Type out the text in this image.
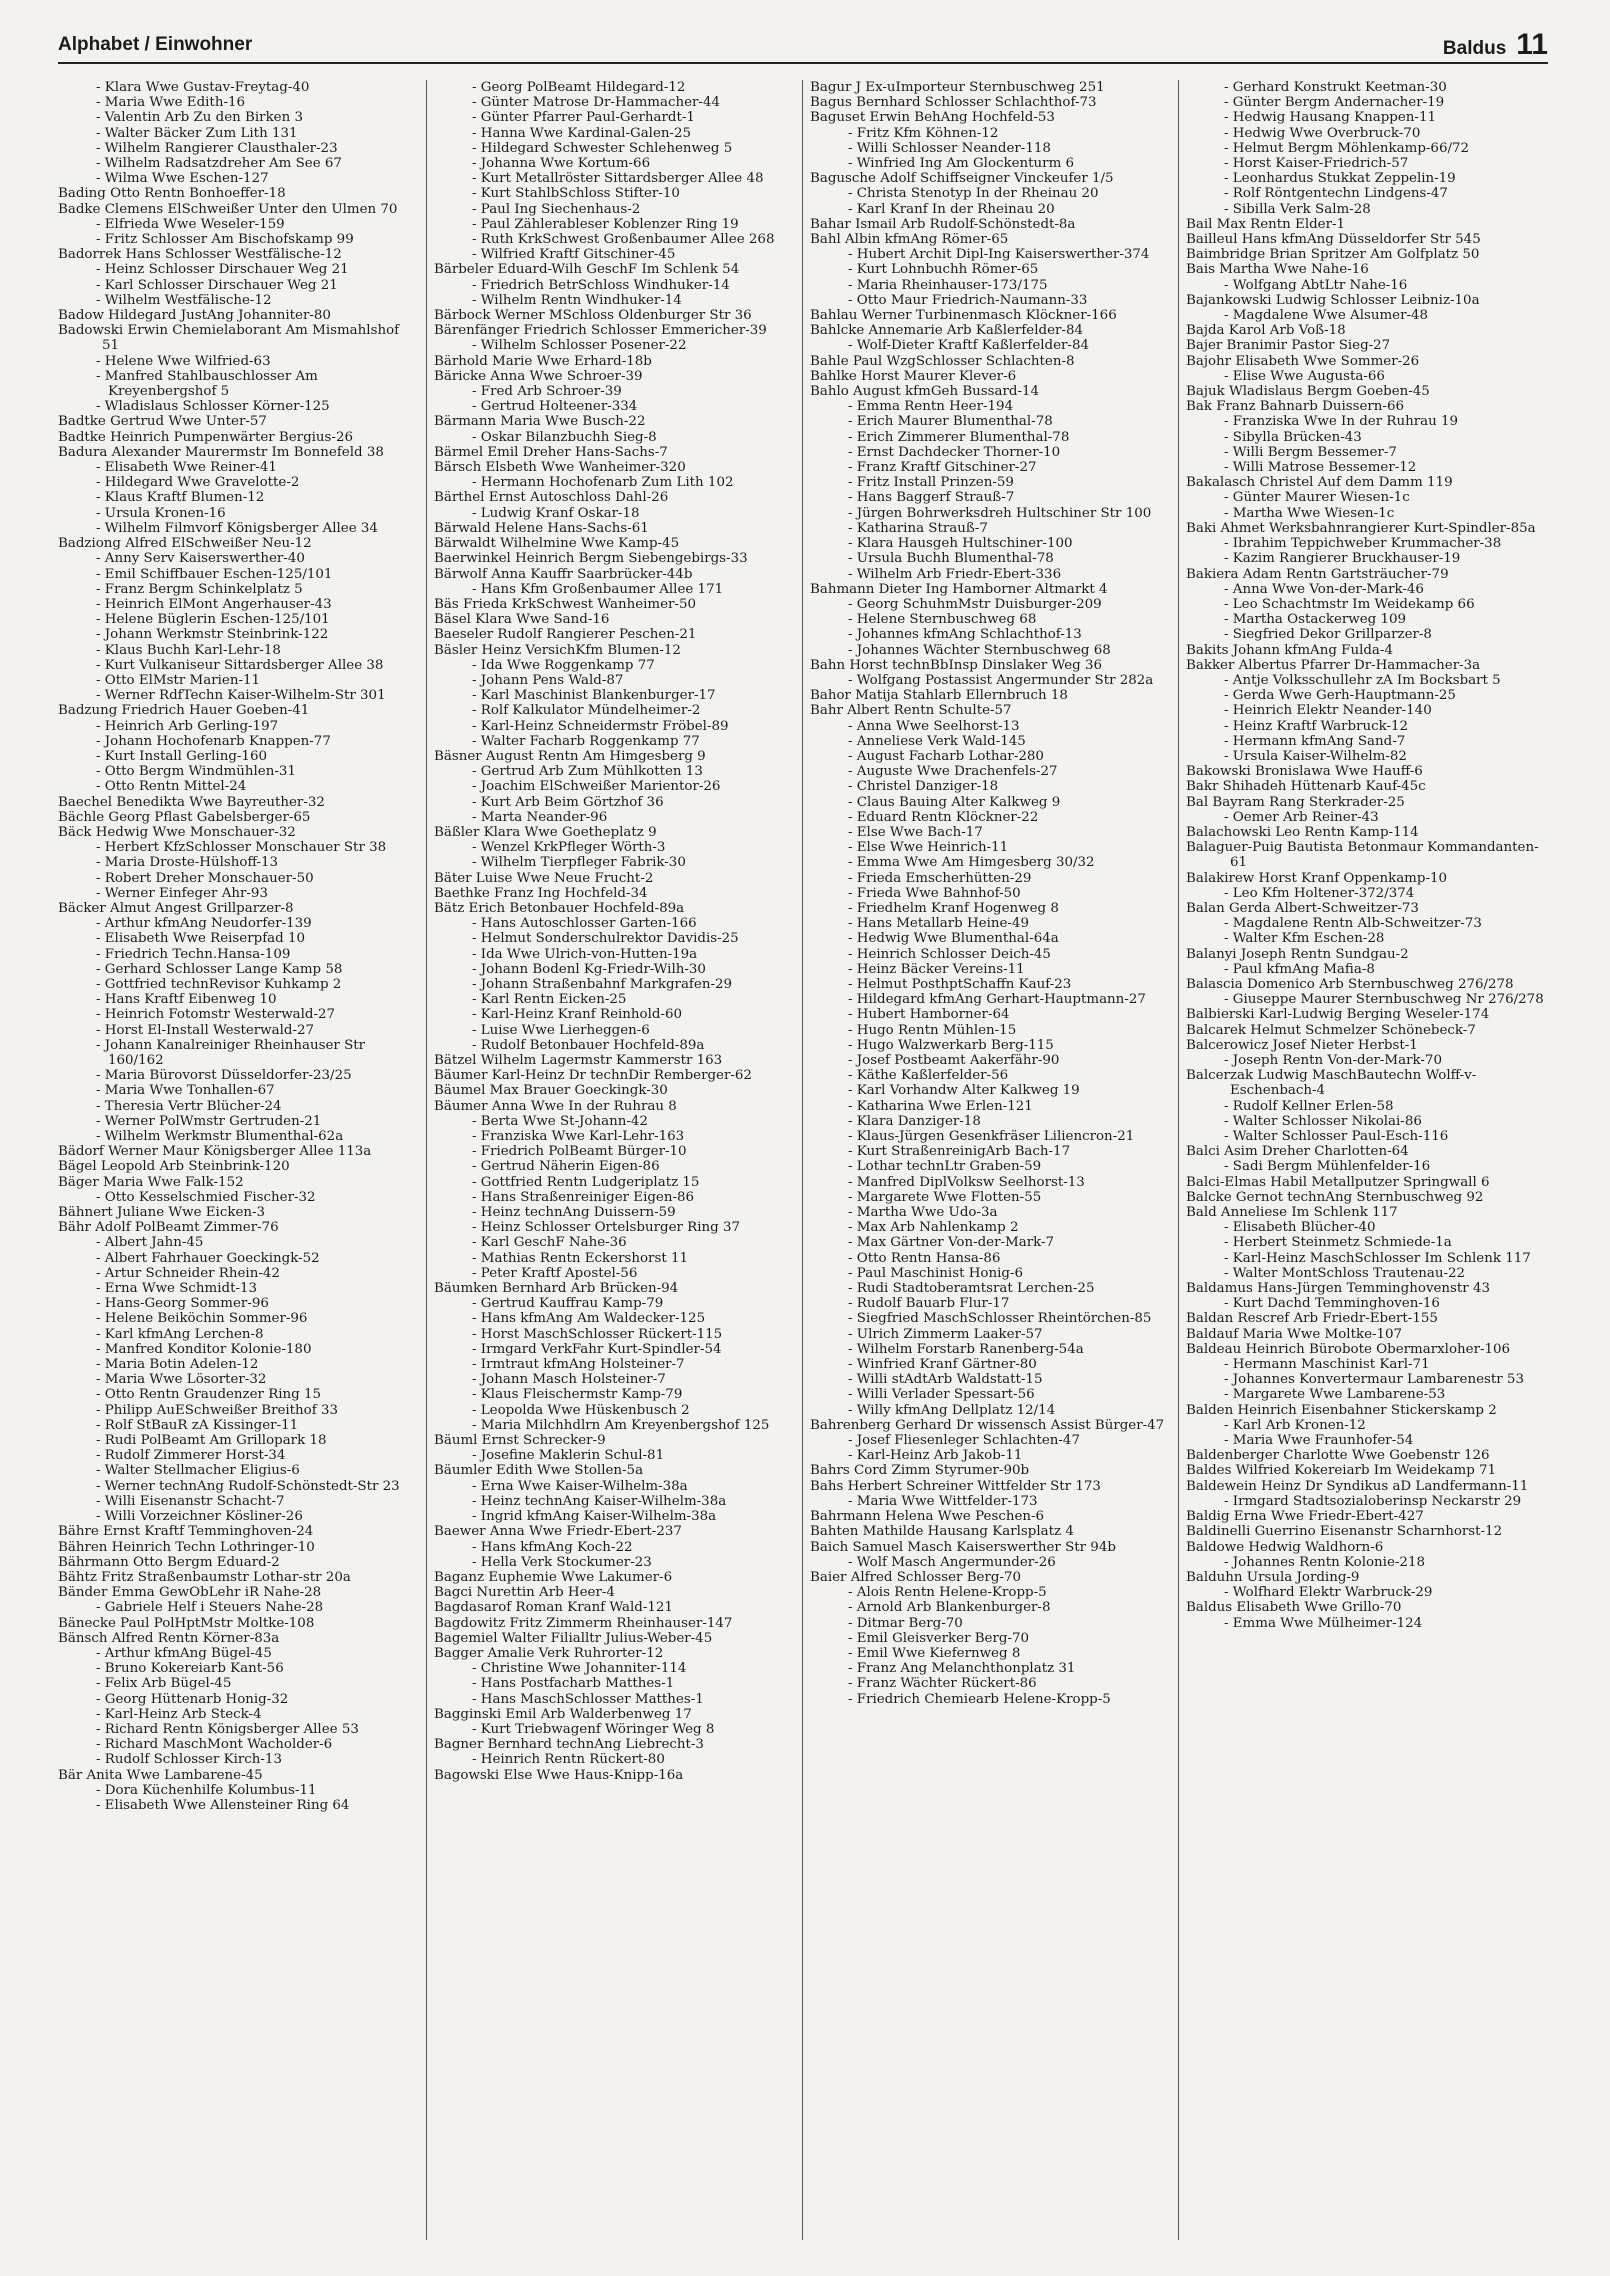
Alphabet / Einwohner	Baldus 11

- Klara Wwe Gustav-Freytag-40

- Maria Wwe Edith-16

- Valentin Arb Zu den Birken 3

- Walter Bäcker Zum Lith 131

- Wilhelm Rangierer Clausthaler-23

- Wilhelm Radsatzdreher Am See 67

- Wilma Wwe Eschen-127

Bading Otto Rentn Bonhoeffer-18

Badke Clemens ElSchweißer Unter den Ulmen 70

- Elfrieda Wwe Weseler-159

- Fritz Schlosser Am Bischofskamp 99

Badorrek Hans Schlosser Westfälische-12

- Heinz Schlosser Dirschauer Weg 21

- Karl Schlosser Dirschauer Weg 21

- Wilhelm Westfälische-12

Badow Hildegard JustAng Johanniter-80

Badowski Erwin Chemielaborant Am Mismahlshof 51

- Helene Wwe Wilfried-63

- Manfred Stahlbauschlosser Am Kreyenbergshof 5

- Wladislaus Schlosser Körner-125

Badtke Gertrud Wwe Unter-57

Badtke Heinrich Pumpenwärter Bergius-26

Badura Alexander Maurermstr Im Bonnefeld 38

- Elisabeth Wwe Reiner-41

- Hildegard Wwe Gravelotte-2

- Klaus Kraftf Blumen-12

- Ursula Kronen-16

- Wilhelm Filmvorf Königsberger Allee 34

Badziong Alfred ElSchweißer Neu-12

- Anny Serv Kaiserswerther-40

- Emil Schiffbauer Eschen-125/101

- Franz Bergm Schinkelplatz 5

- Heinrich ElMont Angerhauser-43

- Helene Büglerin Eschen-125/101

- Johann Werkmstr Steinbrink-122

- Klaus Buchh Karl-Lehr-18

- Kurt Vulkaniseur Sittardsberger Allee 38

- Otto ElMstr Marien-11

- Werner RdfTechn Kaiser-Wilhelm-Str 301

Badzung Friedrich Hauer Goeben-41

- Heinrich Arb Gerling-197

- Johann Hochofenarb Knappen-77

- Kurt Install Gerling-160

- Otto Bergm Windmühlen-31

- Otto Rentn Mittel-24

Baechel Benedikta Wwe Bayreuther-32

Bächle Georg Pflast Gabelsberger-65

Bäck Hedwig Wwe Monschauer-32

- Herbert KfzSchlosser Monschauer Str 38

- Maria Droste-Hülshoff-13

- Robert Dreher Monschauer-50

- Werner Einfeger Ahr-93

Bäcker Almut Angest Grillparzer-8

- Arthur kfmAng Neudorfer-139

- Elisabeth Wwe Reiserpfad 10

- Friedrich Techn.Hansa-109

- Gerhard Schlosser Lange Kamp 58

- Gottfried technRevisor Kuhkamp 2

- Hans Kraftf Eibenweg 10

- Heinrich Fotomstr Westerwald-27

- Horst El-Install Westerwald-27

- Johann Kanalreiniger Rheinhauser Str 160/162

- Maria Bürovorst Düsseldorfer-23/25

- Maria Wwe Tonhallen-67

- Theresia Vertr Blücher-24

- Werner PolWmstr Gertruden-21

- Wilhelm Werkmstr Blumenthal-62a

Bädorf Werner Maur Königsberger Allee 113a

Bägel Leopold Arb Steinbrink-120

Bäger Maria Wwe Falk-152

- Otto Kesselschmied Fischer-32

Bähnert Juliane Wwe Eicken-3

Bähr Adolf PolBeamt Zimmer-76

- Albert Jahn-45

- Albert Fahrhauer Goeckingk-52

- Artur Schneider Rhein-42

- Erna Wwe Schmidt-13

- Hans-Georg Sommer-96

- Helene Beiköchin Sommer-96

- Karl kfmAng Lerchen-8

- Manfred Konditor Kolonie-180

- Maria Botin Adelen-12

- Maria Wwe Lösorter-32

- Otto Rentn Graudenzer Ring 15

- Philipp AuESchweißer Breithof 33

- Rolf StBauR zA Kissinger-11

- Rudi PolBeamt Am Grillopark 18

- Rudolf Zimmerer Horst-34

- Walter Stellmacher Eligius-6

- Werner technAng Rudolf-Schönstedt-Str 23

- Willi Eisenanstr Schacht-7

- Willi Vorzeichner Kösliner-26

Bähre Ernst Kraftf Temminghoven-24

Bähren Heinrich Techn Lothringer-10

Bährmann Otto Bergm Eduard-2

Bähtz Fritz Straßenbaumstr Lothar-str 20a

Bänder Emma GewObLehr iR Nahe-28

- Gabriele Helf i Steuers Nahe-28

Bänecke Paul PolHptMstr Moltke-108

Bänsch Alfred Rentn Körner-83a

- Arthur kfmAng Bügel-45

- Bruno Kokereiarb Kant-56

- Felix Arb Bügel-45

- Georg Hüttenarb Honig-32

- Karl-Heinz Arb Steck-4

- Richard Rentn Königsberger Allee 53

- Richard MaschMont Wacholder-6

- Rudolf Schlosser Kirch-13

Bär Anita Wwe Lambarene-45

- Dora Küchenhilfe Kolumbus-11

- Elisabeth Wwe Allensteiner Ring 64

- Georg PolBeamt Hildegard-12

- Günter Matrose Dr-Hammacher-44

- Günter Pfarrer Paul-Gerhardt-1

- Hanna Wwe Kardinal-Galen-25

- Hildegard Schwester Schlehenweg 5

- Johanna Wwe Kortum-66

- Kurt Metallröster Sittardsberger Allee 48

- Kurt StahlbSchloss Stifter-10

- Paul Ing Siechenhaus-2

- Paul Zählerableser Koblenzer Ring 19

- Ruth KrkSchwest Großenbaumer Allee 268

- Wilfried Kraftf Gitschiner-45

Bärbeler Eduard-Wilh GeschF Im Schlenk 54

- Friedrich BetrSchloss Windhuker-14

- Wilhelm Rentn Windhuker-14

Bärbock Werner MSchloss Oldenburger Str 36

Bärenfänger Friedrich Schlosser Emmericher-39

- Wilhelm Schlosser Posener-22

Bärhold Marie Wwe Erhard-18b

Bäricke Anna Wwe Schroer-39

- Fred Arb Schroer-39

- Gertrud Holteener-334

Bärmann Maria Wwe Busch-22

- Oskar Bilanzbuchh Sieg-8

Bärmel Emil Dreher Hans-Sachs-7

Bärsch Elsbeth Wwe Wanheimer-320

- Hermann Hochofenarb Zum Lith 102

Bärthel Ernst Autoschloss Dahl-26

- Ludwig Kranf Oskar-18

Bärwald Helene Hans-Sachs-61

Bärwaldt Wilhelmine Wwe Kamp-45

Baerwinkel Heinrich Bergm Siebengebirgs-33

Bärwolf Anna Kauffr Saarbrücker-44b

- Hans Kfm Großenbaumer Allee 171

Bäs Frieda KrkSchwest Wanheimer-50

Bäsel Klara Wwe Sand-16

Baeseler Rudolf Rangierer Peschen-21

Bäsler Heinz VersichKfm Blumen-12

- Ida Wwe Roggenkamp 77

- Johann Pens Wald-87

- Karl Maschinist Blankenburger-17

- Rolf Kalkulator Mündelheimer-2

- Karl-Heinz Schneidermstr Fröbel-89

- Walter Facharb Roggenkamp 77

Bäsner August Rentn Am Himgesberg 9

- Gertrud Arb Zum Mühlkotten 13

- Joachim ElSchweißer Marientor-26

- Kurt Arb Beim Görtzhof 36

- Marta Neander-96

Bäßler Klara Wwe Goetheplatz 9

- Wenzel KrkPfleger Wörth-3

- Wilhelm Tierpfleger Fabrik-30

Bäter Luise Wwe Neue Frucht-2

Baethke Franz Ing Hochfeld-34

Bätz Erich Betonbauer Hochfeld-89a

- Hans Autoschlosser Garten-166

- Helmut Sonderschulrektor Davidis-25

- Ida Wwe Ulrich-von-Hutten-19a

- Johann Bodenl Kg-Friedr-Wilh-30

- Johann Straßenbahnf Markgrafen-29

- Karl Rentn Eicken-25

- Karl-Heinz Kranf Reinhold-60

- Luise Wwe Lierheggen-6

- Rudolf Betonbauer Hochfeld-89a

Bätzel Wilhelm Lagermstr Kammerstr 163

Bäumer Karl-Heinz Dr technDir Remberger-62

Bäumel Max Brauer Goeckingk-30

Bäumer Anna Wwe In der Ruhrau 8

- Berta Wwe St-Johann-42

- Franziska Wwe Karl-Lehr-163

- Friedrich PolBeamt Bürger-10

- Gertrud Näherin Eigen-86

- Gottfried Rentn Ludgeriplatz 15

- Hans Straßenreiniger Eigen-86

- Heinz technAng Duissern-59

- Heinz Schlosser Ortelsburger Ring 37

- Karl GeschF Nahe-36

- Mathias Rentn Eckershorst 11

- Peter Kraftf Apostel-56

Bäumken Bernhard Arb Brücken-94

- Gertrud Kauffrau Kamp-79

- Hans kfmAng Am Waldecker-125

- Horst MaschSchlosser Rückert-115

- Irmgard VerkFahr Kurt-Spindler-54

- Irmtraut kfmAng Holsteiner-7

- Johann Masch Holsteiner-7

- Klaus Fleischermstr Kamp-79

- Leopolda Wwe Hüskenbusch 2

- Maria Milchhdlrn Am Kreyenbergshof 125

Bäuml Ernst Schrecker-9

- Josefine Maklerin Schul-81

Bäumler Edith Wwe Stollen-5a

- Erna Wwe Kaiser-Wilhelm-38a

- Heinz technAng Kaiser-Wilhelm-38a

- Ingrid kfmAng Kaiser-Wilhelm-38a

Baewer Anna Wwe Friedr-Ebert-237

- Hans kfmAng Koch-22

- Hella Verk Stockumer-23

Baganz Euphemie Wwe Lakumer-6

Bagci Nurettin Arb Heer-4

Bagdasarof Roman Kranf Wald-121

Bagdowitz Fritz Zimmerm Rheinhauser-147

Bagemiel Walter Filialltr Julius-Weber-45

Bagger Amalie Verk Ruhrorter-12

- Christine Wwe Johanniter-114

- Hans Postfacharb Matthes-1

- Hans MaschSchlosser Matthes-1

Bagginski Emil Arb Walderbenweg 17

- Kurt Triebwagenf Wöringer Weg 8

Bagner Bernhard technAng Liebrecht-3

- Heinrich Rentn Rückert-80

Bagowski Else Wwe Haus-Knipp-16a

Bagur J Ex-uImporteur Sternbuschweg 251

Bagus Bernhard Schlosser Schlachthof-73

Baguset Erwin BehAng Hochfeld-53

- Fritz Kfm Köhnen-12

- Willi Schlosser Neander-118

- Winfried Ing Am Glockenturm 6

Bagusche Adolf Schiffseigner Vinckeufer 1/5

- Christa Stenotyp In der Rheinau 20

- Karl Kranf In der Rheinau 20

Bahar Ismail Arb Rudolf-Schönstedt-8a

Bahl Albin kfmAng Römer-65

- Hubert Archit Dipl-Ing Kaiserswerther-374

- Kurt Lohnbuchh Römer-65

- Maria Rheinhauser-173/175

- Otto Maur Friedrich-Naumann-33

Bahlau Werner Turbinenmasch Klöckner-166

Bahlcke Annemarie Arb Kaßlerfelder-84

- Wolf-Dieter Kraftf Kaßlerfelder-84

Bahle Paul WzgSchlosser Schlachten-8

Bahlke Horst Maurer Klever-6

Bahlo August kfmGeh Bussard-14

- Emma Rentn Heer-194

- Erich Maurer Blumenthal-78

- Erich Zimmerer Blumenthal-78

- Ernst Dachdecker Thorner-10

- Franz Kraftf Gitschiner-27

- Fritz Install Prinzen-59

- Hans Baggerf Strauß-7

- Jürgen Bohrwerksdreh Hultschiner Str 100

- Katharina Strauß-7

- Klara Hausgeh Hultschiner-100

- Ursula Buchh Blumenthal-78

- Wilhelm Arb Friedr-Ebert-336

Bahmann Dieter Ing Hamborner Altmarkt 4

- Georg SchuhmMstr Duisburger-209

- Helene Sternbuschweg 68

- Johannes kfmAng Schlachthof-13

- Johannes Wächter Sternbuschweg 68

Bahn Horst technBbInsp Dinslaker Weg 36

- Wolfgang Postassist Angermunder Str 282a

Bahor Matija Stahlarb Ellernbruch 18

Bahr Albert Rentn Schulte-57

- Anna Wwe Seelhorst-13

- Anneliese Verk Wald-145

- August Facharb Lothar-280

- Auguste Wwe Drachenfels-27

- Christel Danziger-18

- Claus Bauing Alter Kalkweg 9

- Eduard Rentn Klöckner-22

- Else Wwe Bach-17

- Else Wwe Heinrich-11

- Emma Wwe Am Himgesberg 30/32

- Frieda Emscherhütten-29

- Frieda Wwe Bahnhof-50

- Friedhelm Kranf Hogenweg 8

- Hans Metallarb Heine-49

- Hedwig Wwe Blumenthal-64a

- Heinrich Schlosser Deich-45

- Heinz Bäcker Vereins-11

- Helmut PosthptSchaffn Kauf-23

- Hildegard kfmAng Gerhart-Hauptmann-27

- Hubert Hamborner-64

- Hugo Rentn Mühlen-15

- Hugo Walzwerkarb Berg-115

- Josef Postbeamt Aakerfähr-90

- Käthe Kaßlerfelder-56

- Karl Vorhandw Alter Kalkweg 19

- Katharina Wwe Erlen-121

- Klara Danziger-18

- Klaus-Jürgen Gesenkfräser Liliencron-21

- Kurt StraßenreinigArb Bach-17

- Lothar technLtr Graben-59

- Manfred DiplVolksw Seelhorst-13

- Margarete Wwe Flotten-55

- Martha Wwe Udo-3a

- Max Arb Nahlenkamp 2

- Max Gärtner Von-der-Mark-7

- Otto Rentn Hansa-86

- Paul Maschinist Honig-6

- Rudi Stadtoberamtsrat Lerchen-25

- Rudolf Bauarb Flur-17

- Siegfried MaschSchlosser Rheintörchen-85

- Ulrich Zimmerm Laaker-57

- Wilhelm Forstarb Ranenberg-54a

- Winfried Kranf Gärtner-80

- Willi stAdtArb Waldstatt-15

- Willi Verlader Spessart-56

- Willy kfmAng Dellplatz 12/14

Bahrenberg Gerhard Dr wissensch Assist Bürger-47

- Josef Fliesenleger Schlachten-47

- Karl-Heinz Arb Jakob-11

Bahrs Cord Zimm Styrumer-90b

Bahs Herbert Schreiner Wittfelder Str 173

- Maria Wwe Wittfelder-173

Bahrmann Helena Wwe Peschen-6

Bahten Mathilde Hausang Karlsplatz 4

Baich Samuel Masch Kaiserswerther Str 94b

- Wolf Masch Angermunder-26

Baier Alfred Schlosser Berg-70

- Alois Rentn Helene-Kropp-5

- Arnold Arb Blankenburger-8

- Ditmar Berg-70

- Emil Gleisverker Berg-70

- Emil Wwe Kiefernweg 8

- Franz Ang Melanchthonplatz 31

- Franz Wächter Rückert-86

- Friedrich Chemiearb Helene-Kropp-5

- Gerhard Konstrukt Keetman-30

- Günter Bergm Andernacher-19

- Hedwig Hausang Knappen-11

- Hedwig Wwe Overbruck-70

- Helmut Bergm Möhlenkamp-66/72

- Horst Kaiser-Friedrich-57

- Leonhardus Stukkat Zeppelin-19

- Rolf Röntgentechn Lindgens-47

- Sibilla Verk Salm-28

Bail Max Rentn Elder-1

Bailleul Hans kfmAng Düsseldorfer Str 545

Baimbridge Brian Spritzer Am Golfplatz 50

Bais Martha Wwe Nahe-16

- Wolfgang AbtLtr Nahe-16

Bajankowski Ludwig Schlosser Leibniz-10a

- Magdalene Wwe Alsumer-48

Bajda Karol Arb Voß-18

Bajer Branimir Pastor Sieg-27

Bajohr Elisabeth Wwe Sommer-26

- Elise Wwe Augusta-66

Bajuk Wladislaus Bergm Goeben-45

Bak Franz Bahnarb Duissern-66

- Franziska Wwe In der Ruhrau 19

- Sibylla Brücken-43

- Willi Bergm Bessemer-7

- Willi Matrose Bessemer-12

Bakalasch Christel Auf dem Damm 119

- Günter Maurer Wiesen-1c

- Martha Wwe Wiesen-1c

Baki Ahmet Werksbahnrangierer Kurt-Spindler-85a

- Ibrahim Teppichweber Krummacher-38

- Kazim Rangierer Bruckhauser-19

Bakiera Adam Rentn Gartsträucher-79

- Anna Wwe Von-der-Mark-46

- Leo Schachtmstr Im Weidekamp 66

- Martha Ostackerweg 109

- Siegfried Dekor Grillparzer-8

Bakits Johann kfmAng Fulda-4

Bakker Albertus Pfarrer Dr-Hammacher-3a

- Antje Volksschullehr zA Im Bocksbart 5

- Gerda Wwe Gerh-Hauptmann-25

- Heinrich Elektr Neander-140

- Heinz Kraftf Warbruck-12

- Hermann kfmAng Sand-7

- Ursula Kaiser-Wilhelm-82

Bakowski Bronislawa Wwe Hauff-6

Bakr Shihadeh Hüttenarb Kauf-45c

Bal Bayram Rang Sterkrader-25

- Oemer Arb Reiner-43

Balachowski Leo Rentn Kamp-114

Balaguer-Puig Bautista Betonmaur Kommandanten-61

Balakirew Horst Kranf Oppenkamp-10

- Leo Kfm Holtener-372/374

Balan Gerda Albert-Schweitzer-73

- Magdalene Rentn Alb-Schweitzer-73

- Walter Kfm Eschen-28

Balanyi Joseph Rentn Sundgau-2

- Paul kfmAng Mafia-8

Balascia Domenico Arb Sternbuschweg 276/278

- Giuseppe Maurer Sternbuschweg Nr 276/278

Balbierski Karl-Ludwig Berging Weseler-174

Balcarek Helmut Schmelzer Schönebeck-7

Balcerowicz Josef Nieter Herbst-1

- Joseph Rentn Von-der-Mark-70

Balcerzak Ludwig MaschBautechn Wolff-v-Eschenbach-4

- Rudolf Kellner Erlen-58

- Walter Schlosser Nikolai-86

- Walter Schlosser Paul-Esch-116

Balci Asim Dreher Charlotten-64

- Sadi Bergm Mühlenfelder-16

Balci-Elmas Habil Metallputzer Springwall 6

Balcke Gernot technAng Sternbuschweg 92

Bald Anneliese Im Schlenk 117

- Elisabeth Blücher-40

- Herbert Steinmetz Schmiede-1a

- Karl-Heinz MaschSchlosser Im Schlenk 117

- Walter MontSchloss Trautenau-22

Baldamus Hans-Jürgen Temminghovenstr 43

- Kurt Dachd Temminghoven-16

Baldan Rescref Arb Friedr-Ebert-155

Baldauf Maria Wwe Moltke-107

Baldeau Heinrich Bürobote Obermarxloher-106

- Hermann Maschinist Karl-71

- Johannes Konvertermaur Lambarenestr 53

- Margarete Wwe Lambarene-53

Balden Heinrich Eisenbahner Stickerskamp 2

- Karl Arb Kronen-12

- Maria Wwe Fraunhofer-54

Baldenberger Charlotte Wwe Goebenstr 126

Baldes Wilfried Kokereiarb Im Weidekamp 71

Baldewein Heinz Dr Syndikus aD Landfermann-11

- Irmgard Stadtsozialoberinsp Neckarstr 29

Baldig Erna Wwe Friedr-Ebert-427

Baldinelli Guerrino Eisenanstr Scharnhorst-12

Baldowe Hedwig Waldhorn-6

- Johannes Rentn Kolonie-218

Balduhn Ursula Jording-9

- Wolfhard Elektr Warbruck-29

Baldus Elisabeth Wwe Grillo-70

- Emma Wwe Mülheimer-124
